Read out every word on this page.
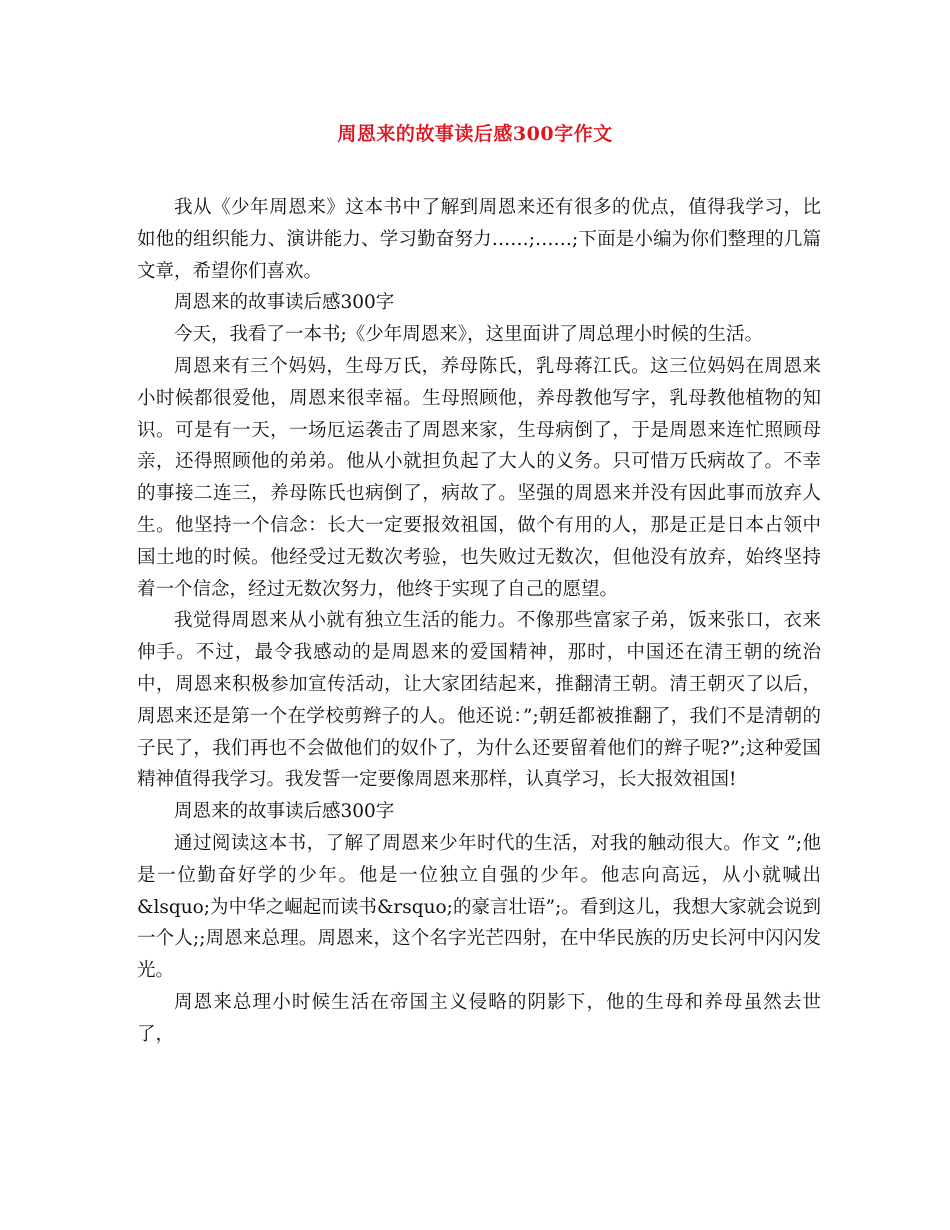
周恩来的故事读后感300字作文

我从《少年周恩来》这本书中了解到周恩来还有很多的优点，值得我学习，比如他的组织能力、演讲能力、学习勤奋努力……;……;下面是小编为你们整理的几篇文章，希望你们喜欢。

周恩来的故事读后感300字

今天，我看了一本书;《少年周恩来》，这里面讲了周总理小时候的生活。

周恩来有三个妈妈，生母万氏，养母陈氏，乳母蒋江氏。这三位妈妈在周恩来小时候都很爱他，周恩来很幸福。生母照顾他，养母教他写字，乳母教他植物的知识。可是有一天，一场厄运袭击了周恩来家，生母病倒了，于是周恩来连忙照顾母亲，还得照顾他的弟弟。他从小就担负起了大人的义务。只可惜万氏病故了。不幸的事接二连三，养母陈氏也病倒了，病故了。坚强的周恩来并没有因此事而放弃人生。他坚持一个信念：长大一定要报效祖国，做个有用的人，那是正是日本占领中国土地的时候。他经受过无数次考验，也失败过无数次，但他没有放弃，始终坚持着一个信念，经过无数次努力，他终于实现了自己的愿望。

我觉得周恩来从小就有独立生活的能力。不像那些富家子弟，饭来张口，衣来伸手。不过，最令我感动的是周恩来的爱国精神，那时，中国还在清王朝的统治中，周恩来积极参加宣传活动，让大家团结起来，推翻清王朝。清王朝灭了以后，周恩来还是第一个在学校剪辫子的人。他还说：”;朝廷都被推翻了，我们不是清朝的子民了，我们再也不会做他们的奴仆了，为什么还要留着他们的辫子呢?”;这种爱国精神值得我学习。我发誓一定要像周恩来那样，认真学习，长大报效祖国!

周恩来的故事读后感300字

通过阅读这本书，了解了周恩来少年时代的生活，对我的触动很大。作文 ”;他是一位勤奋好学的少年。他是一位独立自强的少年。他志向高远，从小就喊出&lsquo;为中华之崛起而读书&rsquo;的豪言壮语”;。看到这儿，我想大家就会说到一个人;;周恩来总理。周恩来，这个名字光芒四射，在中华民族的历史长河中闪闪发光。

周恩来总理小时候生活在帝国主义侵略的阴影下，他的生母和养母虽然去世了，
